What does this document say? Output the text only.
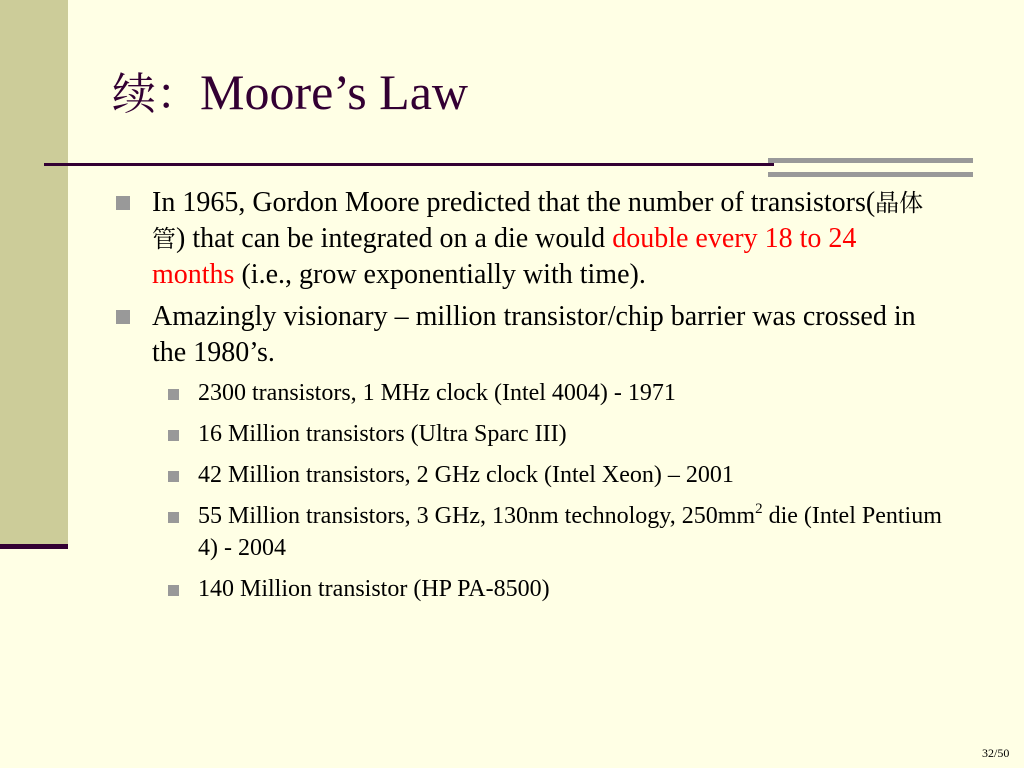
续：Moore’s Law
In 1965, Gordon Moore predicted that the number of transistors(晶体管) that can be integrated on a die would double every 18 to 24 months (i.e., grow exponentially with time).
Amazingly visionary – million transistor/chip barrier was crossed in the 1980’s.
2300 transistors, 1 MHz clock (Intel 4004) - 1971
16 Million transistors (Ultra Sparc III)
42 Million transistors, 2 GHz clock (Intel Xeon) – 2001
55 Million transistors, 3 GHz, 130nm technology, $250mm^2$ die (Intel Pentium 4) - 2004
140 Million transistor (HP PA-8500)
32/50
